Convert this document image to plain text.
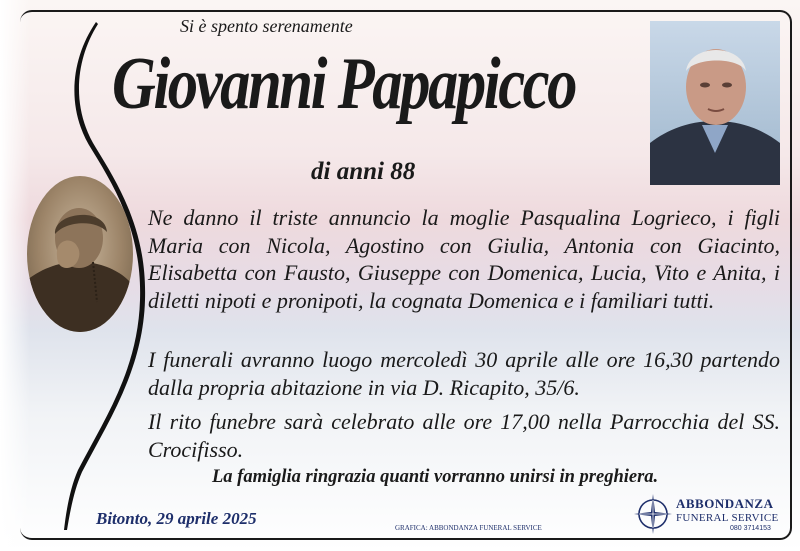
Si è spento serenamente
Giovanni Papapicco
di anni 88
Ne danno il triste annuncio la moglie Pasqualina Logrieco, i figli Maria con Nicola, Agostino con Giulia, Antonia con Giacinto, Elisabetta con Fausto, Giuseppe con Domenica, Lucia, Vito e Anita, i diletti nipoti e pronipoti, la cognata Domenica e i familiari tutti.
I funerali avranno luogo mercoledì 30 aprile alle ore 16,30 partendo dalla propria abitazione in via D. Ricapito, 35/6.
Il rito funebre sarà celebrato alle ore 17,00 nella Parrocchia del SS. Crocifisso.
La famiglia ringrazia quanti vorranno unirsi in preghiera.
Bitonto, 29 aprile 2025	GRAFICA: ABBONDANZA FUNERAL SERVICE
ABBONDANZA
FUNERAL SERVICE
080 3714153
